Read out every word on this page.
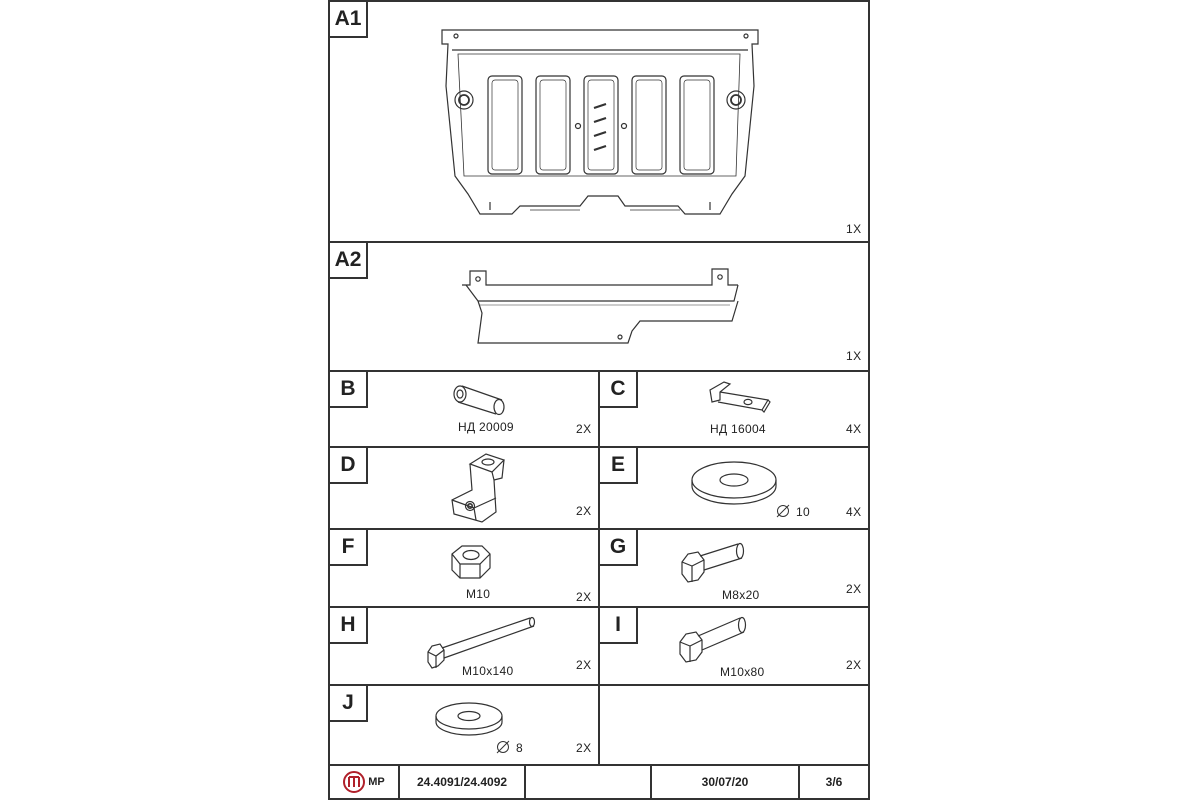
A1
1X
A2
1X
B
НД 20009	2X
C
НД 16004	4X
D
2X
E
10	4X
F
M10	2X
G
M8x20	2X
H
M10x140	2X
I
M10x80	2X
J
8	2X
MP	24.4091/24.4092	30/07/20	3/6
